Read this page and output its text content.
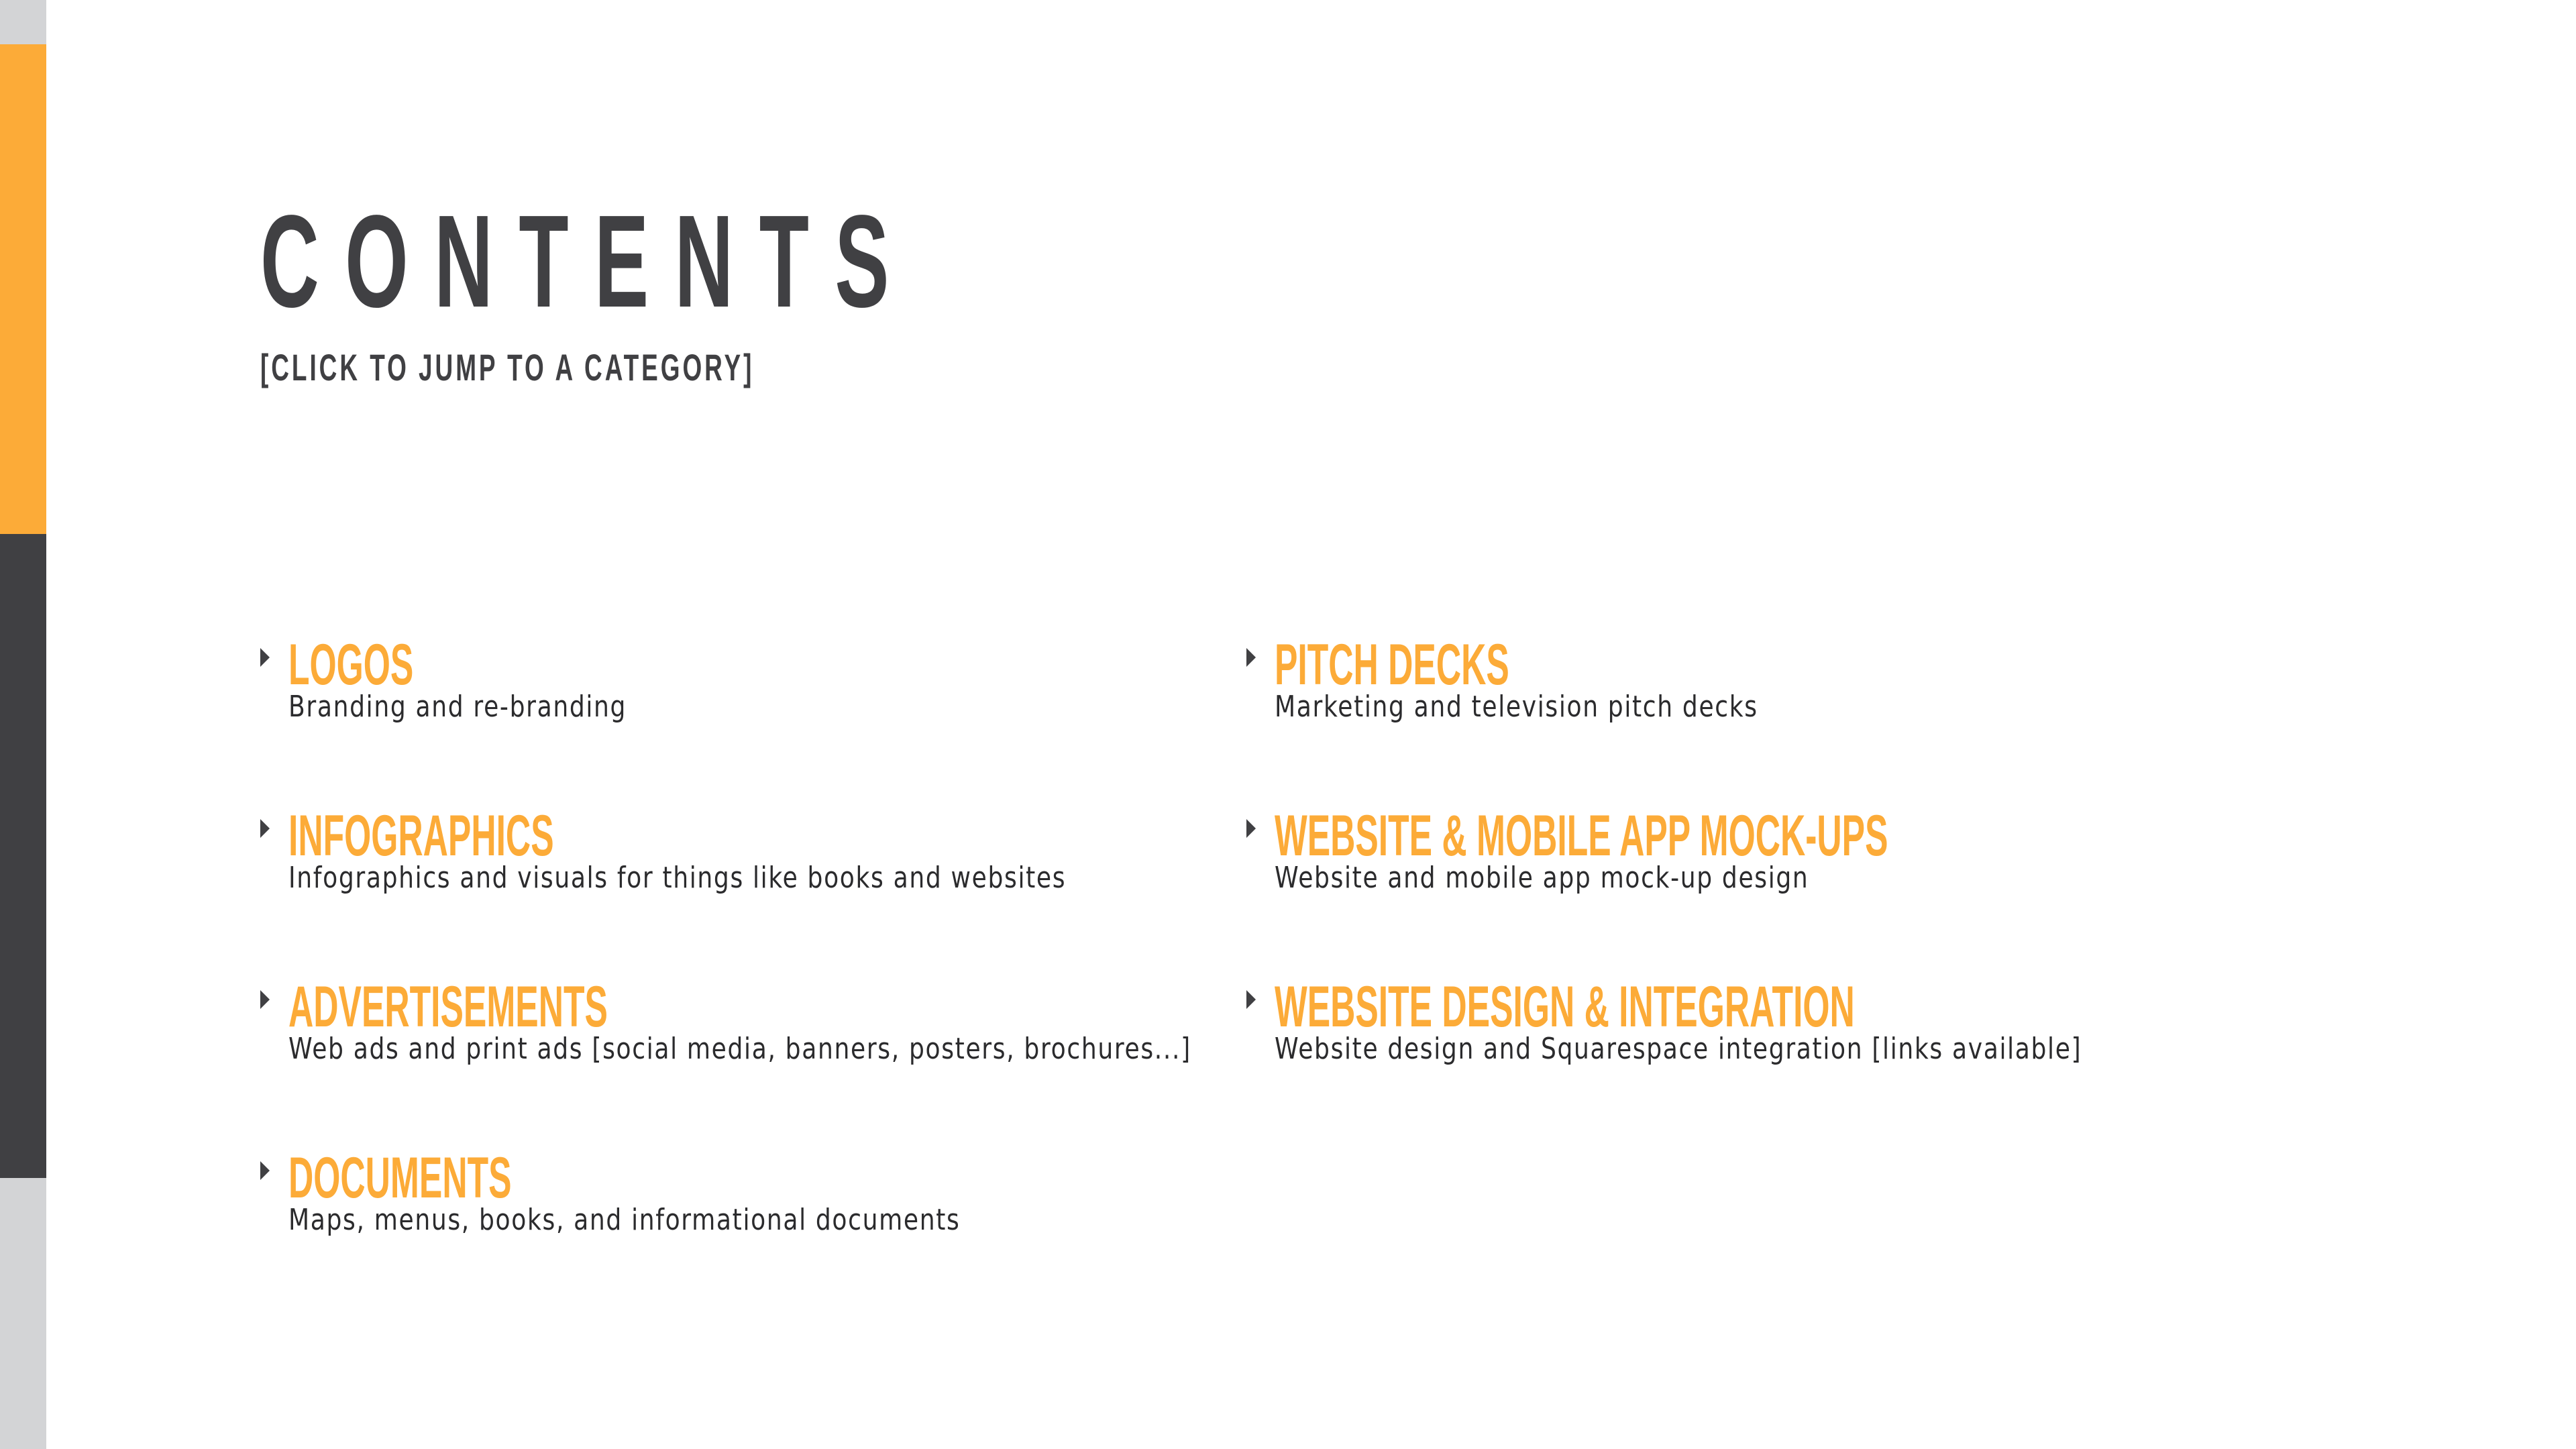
CONTENTS
[CLICK TO JUMP TO A CATEGORY]
LOGOS
Branding and re-branding
INFOGRAPHICS
Infographics and visuals for things like books and websites
ADVERTISEMENTS
Web ads and print ads [social media, banners, posters, brochures...]
DOCUMENTS
Maps, menus, books, and informational documents
PITCH DECKS
Marketing and television pitch decks
WEBSITE & MOBILE APP MOCK-UPS
Website and mobile app mock-up design
WEBSITE DESIGN & INTEGRATION
Website design and Squarespace integration [links available]
